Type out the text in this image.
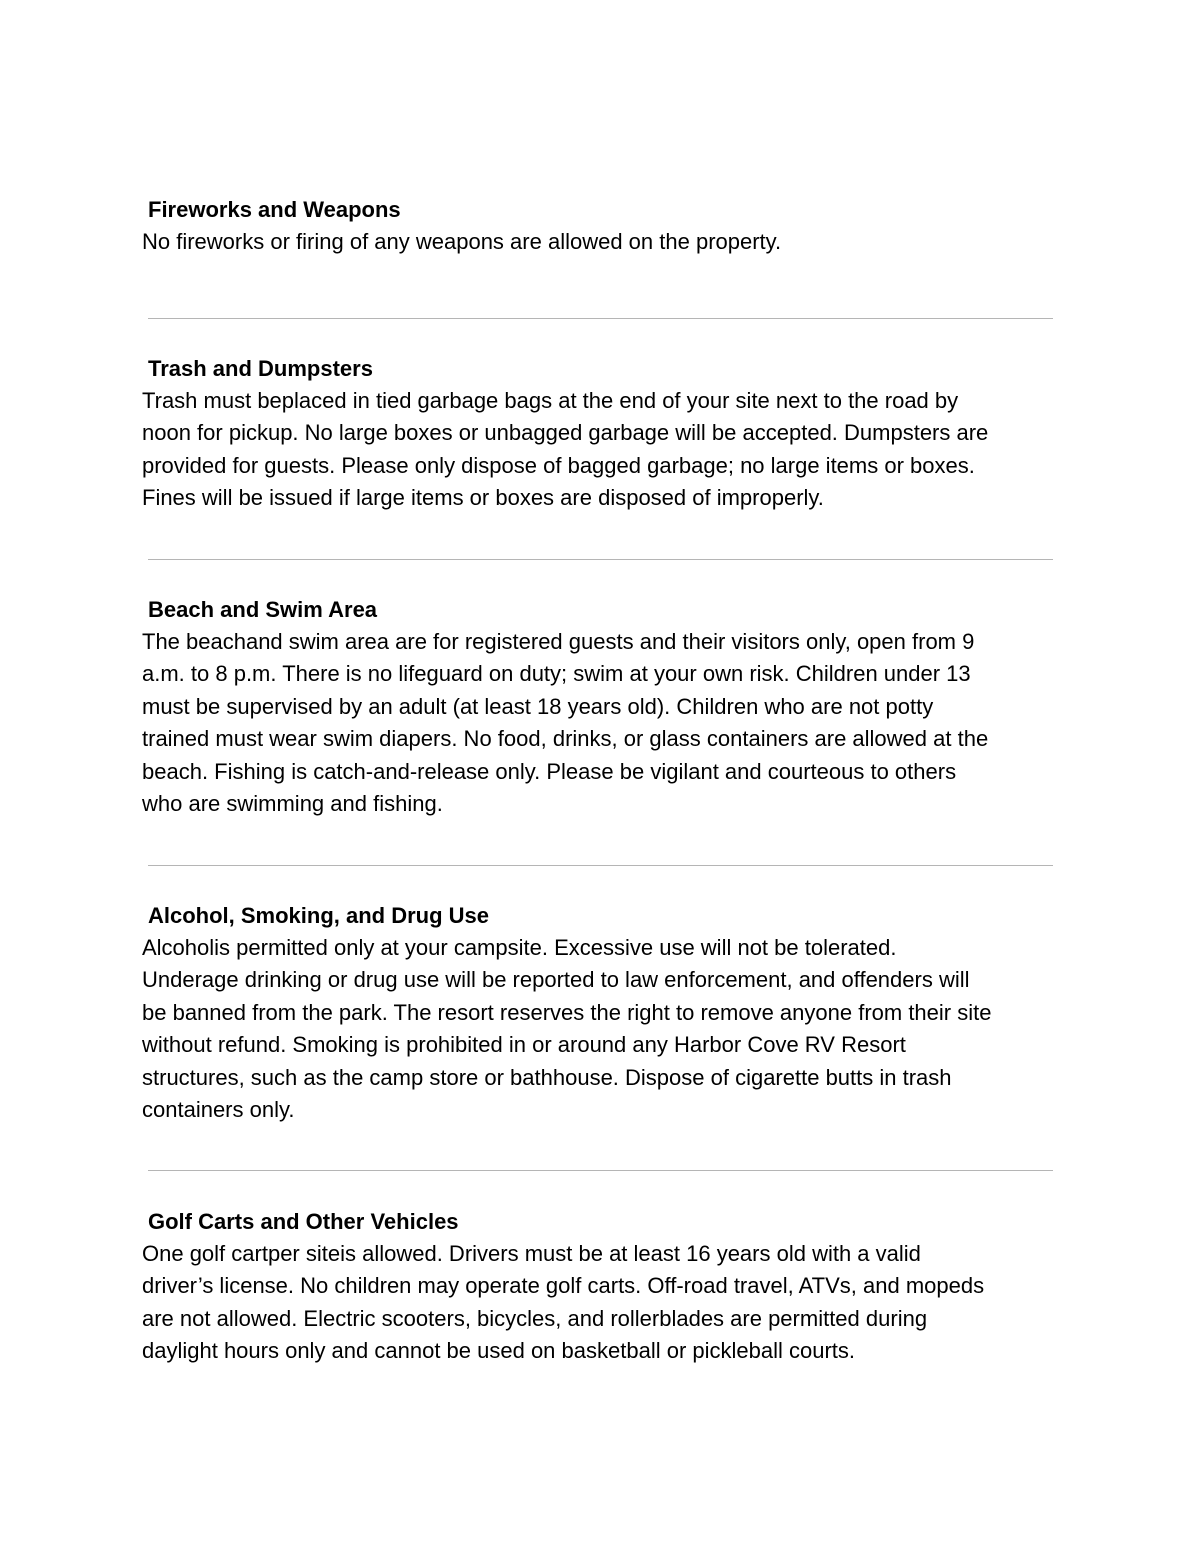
Fireworks and Weapons
No fireworks or firing of any weapons are allowed on the property.
Trash and Dumpsters
Trash must beplaced in tied garbage bags at the end of your site next to the road by
noon for pickup. No large boxes or unbagged garbage will be accepted. Dumpsters are
provided for guests. Please only dispose of bagged garbage; no large items or boxes.
Fines will be issued if large items or boxes are disposed of improperly.
Beach and Swim Area
The beachand swim area are for registered guests and their visitors only, open from 9
a.m. to 8 p.m. There is no lifeguard on duty; swim at your own risk. Children under 13
must be supervised by an adult (at least 18 years old). Children who are not potty
trained must wear swim diapers. No food, drinks, or glass containers are allowed at the
beach. Fishing is catch-and-release only. Please be vigilant and courteous to others
who are swimming and fishing.
Alcohol, Smoking, and Drug Use
Alcoholis permitted only at your campsite. Excessive use will not be tolerated.
Underage drinking or drug use will be reported to law enforcement, and offenders will
be banned from the park. The resort reserves the right to remove anyone from their site
without refund. Smoking is prohibited in or around any Harbor Cove RV Resort
structures, such as the camp store or bathhouse. Dispose of cigarette butts in trash
containers only.
Golf Carts and Other Vehicles
One golf cartper siteis allowed. Drivers must be at least 16 years old with a valid
driver’s license. No children may operate golf carts. Off-road travel, ATVs, and mopeds
are not allowed. Electric scooters, bicycles, and rollerblades are permitted during
daylight hours only and cannot be used on basketball or pickleball courts.
